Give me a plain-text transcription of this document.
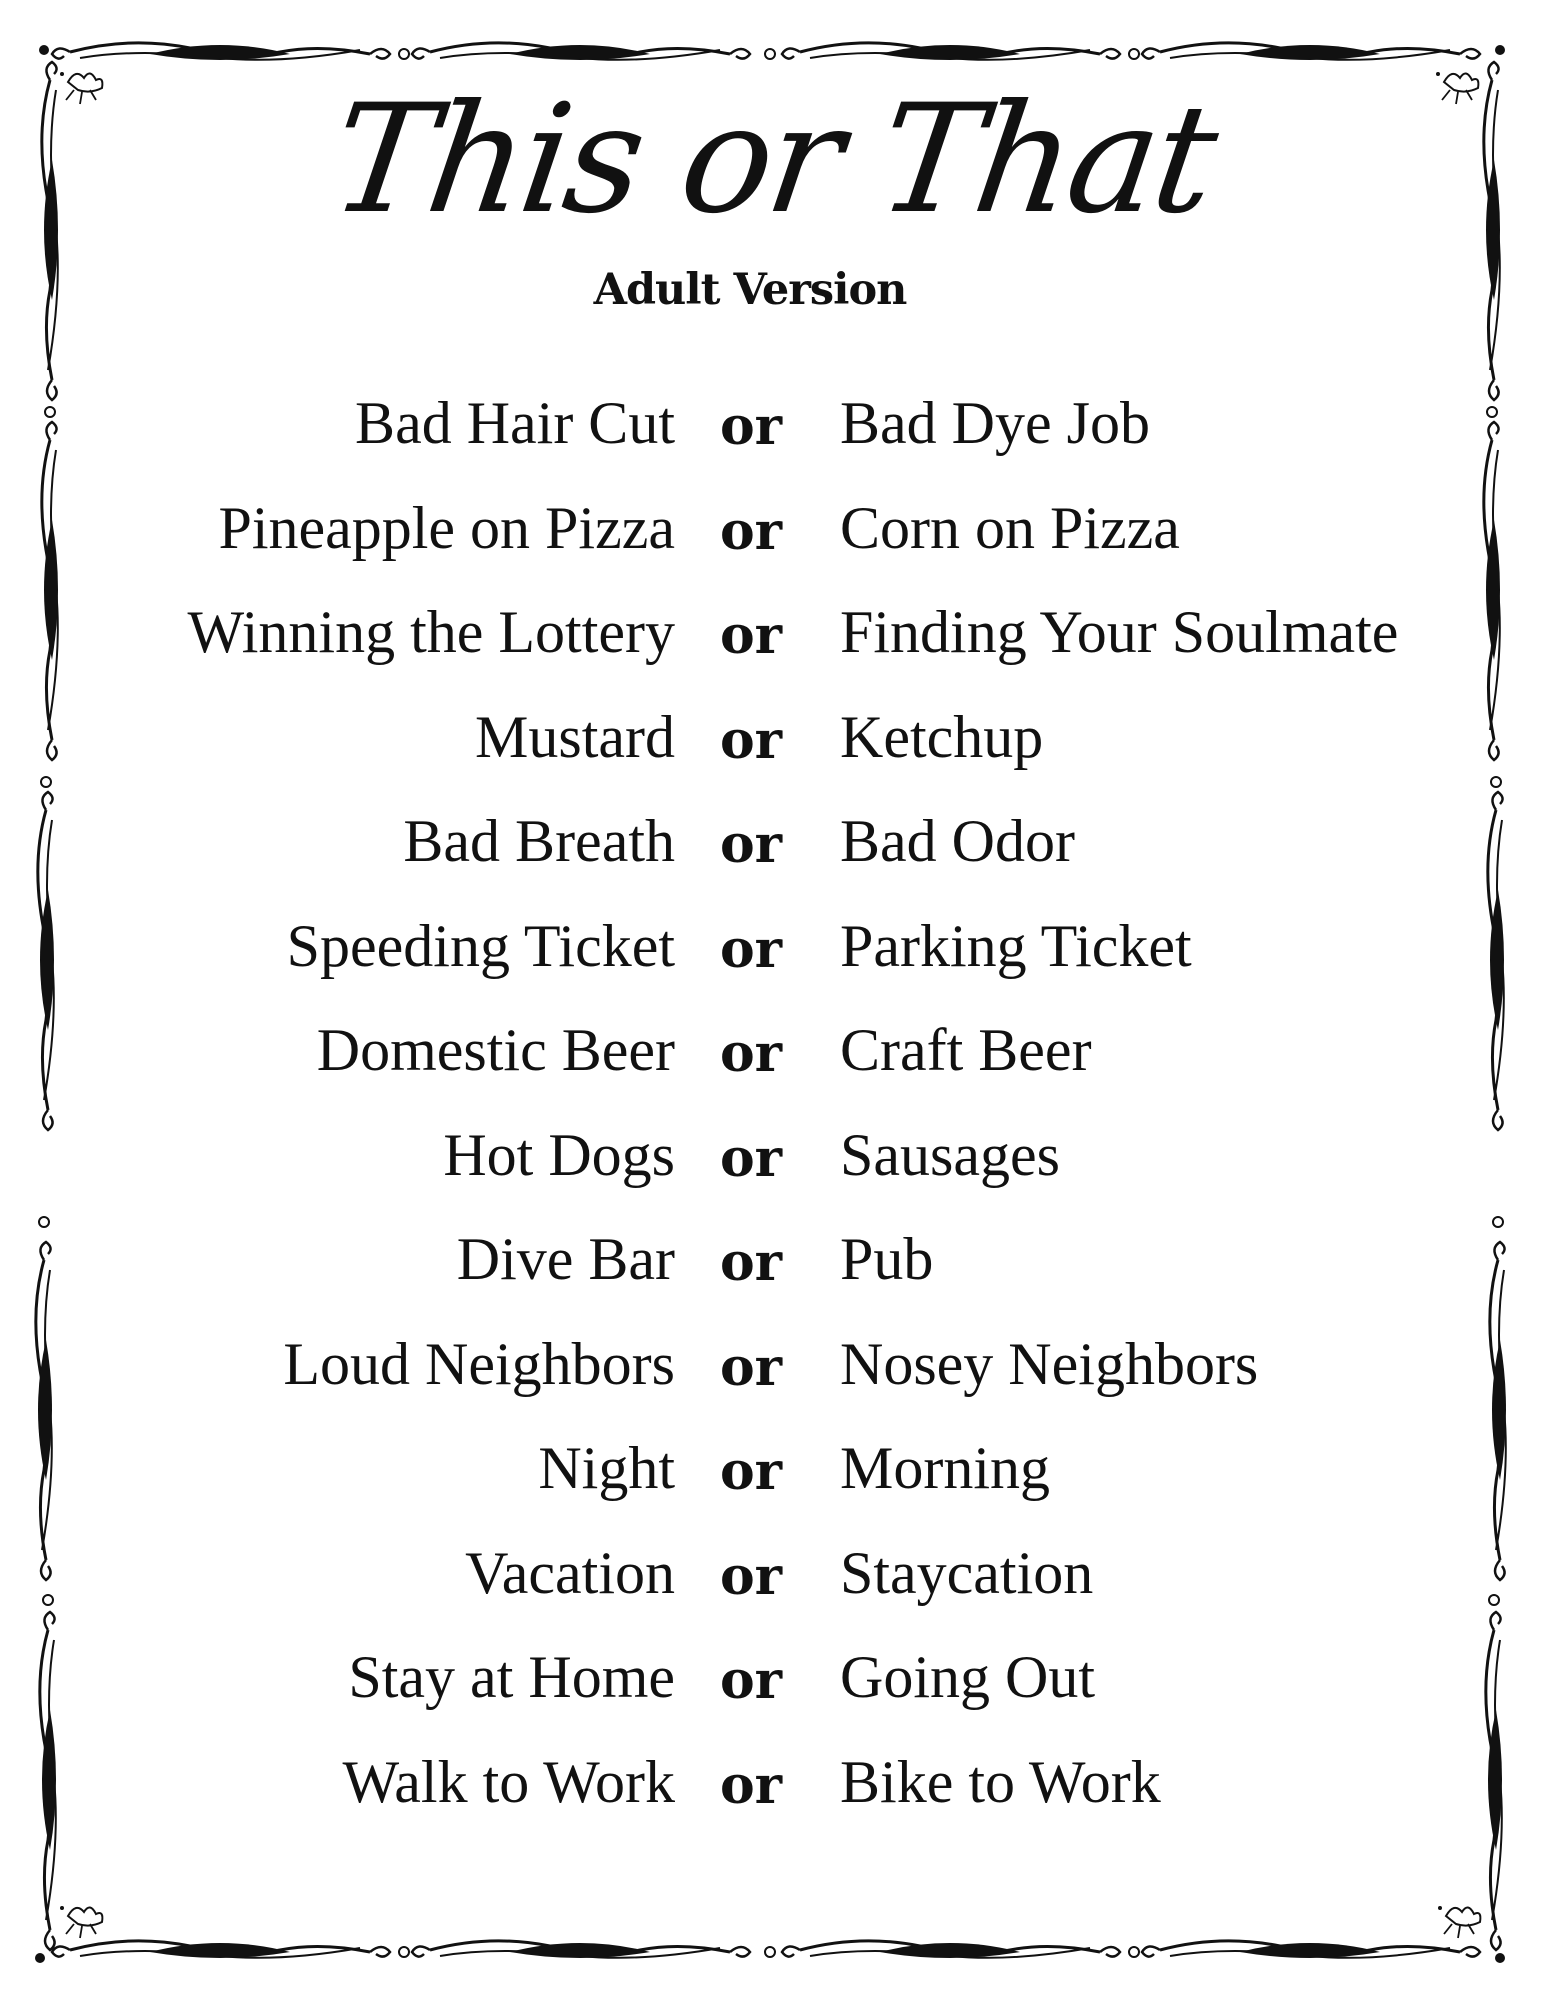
This or That
Adult Version
Bad Hair Cut or Bad Dye Job
Pineapple on Pizza or Corn on Pizza
Winning the Lottery or Finding Your Soulmate
Mustard or Ketchup
Bad Breath or Bad Odor
Speeding Ticket or Parking Ticket
Domestic Beer or Craft Beer
Hot Dogs or Sausages
Dive Bar or Pub
Loud Neighbors or Nosey Neighbors
Night or Morning
Vacation or Staycation
Stay at Home or Going Out
Walk to Work or Bike to Work
